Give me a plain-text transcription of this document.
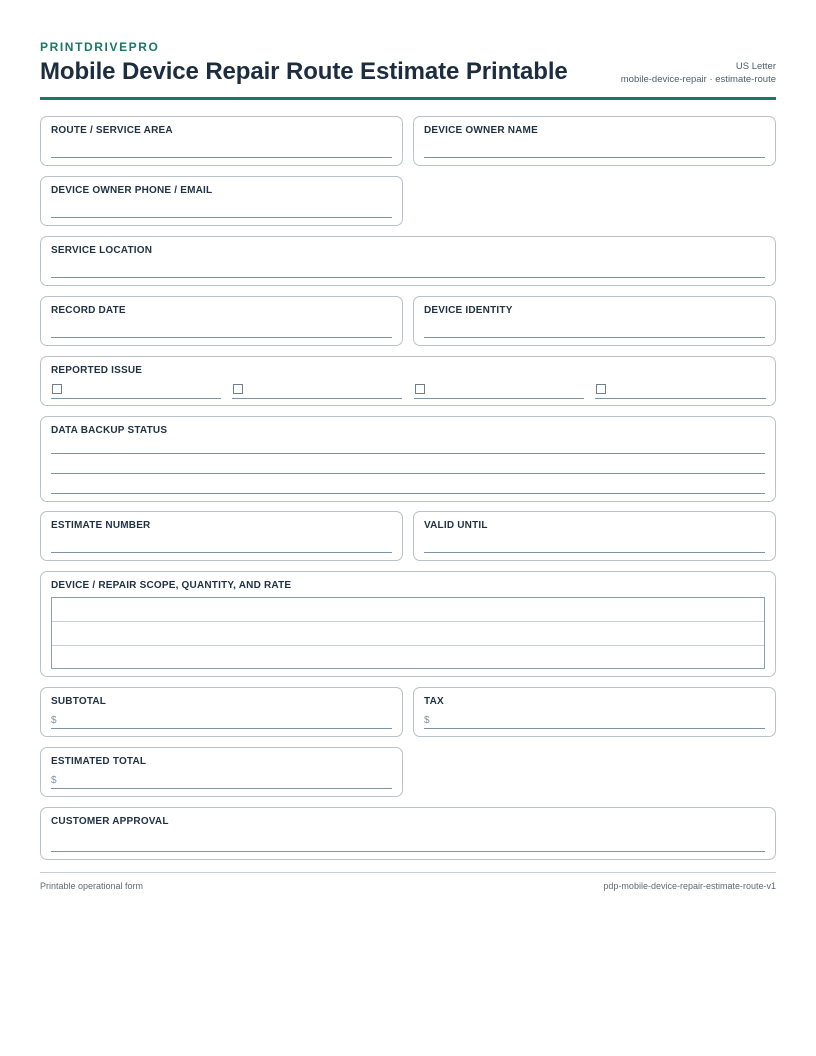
PRINTDRIVEPRO
Mobile Device Repair Route Estimate Printable	US Letter
mobile-device-repair · estimate-route
ROUTE / SERVICE AREA	DEVICE OWNER NAME
DEVICE OWNER PHONE / EMAIL
SERVICE LOCATION
RECORD DATE	DEVICE IDENTITY
REPORTED ISSUE
DATA BACKUP STATUS
ESTIMATE NUMBER	VALID UNTIL
DEVICE / REPAIR SCOPE, QUANTITY, AND RATE
SUBTOTAL
$
TAX
$
ESTIMATED TOTAL
$
CUSTOMER APPROVAL
Printable operational form	pdp-mobile-device-repair-estimate-route-v1
